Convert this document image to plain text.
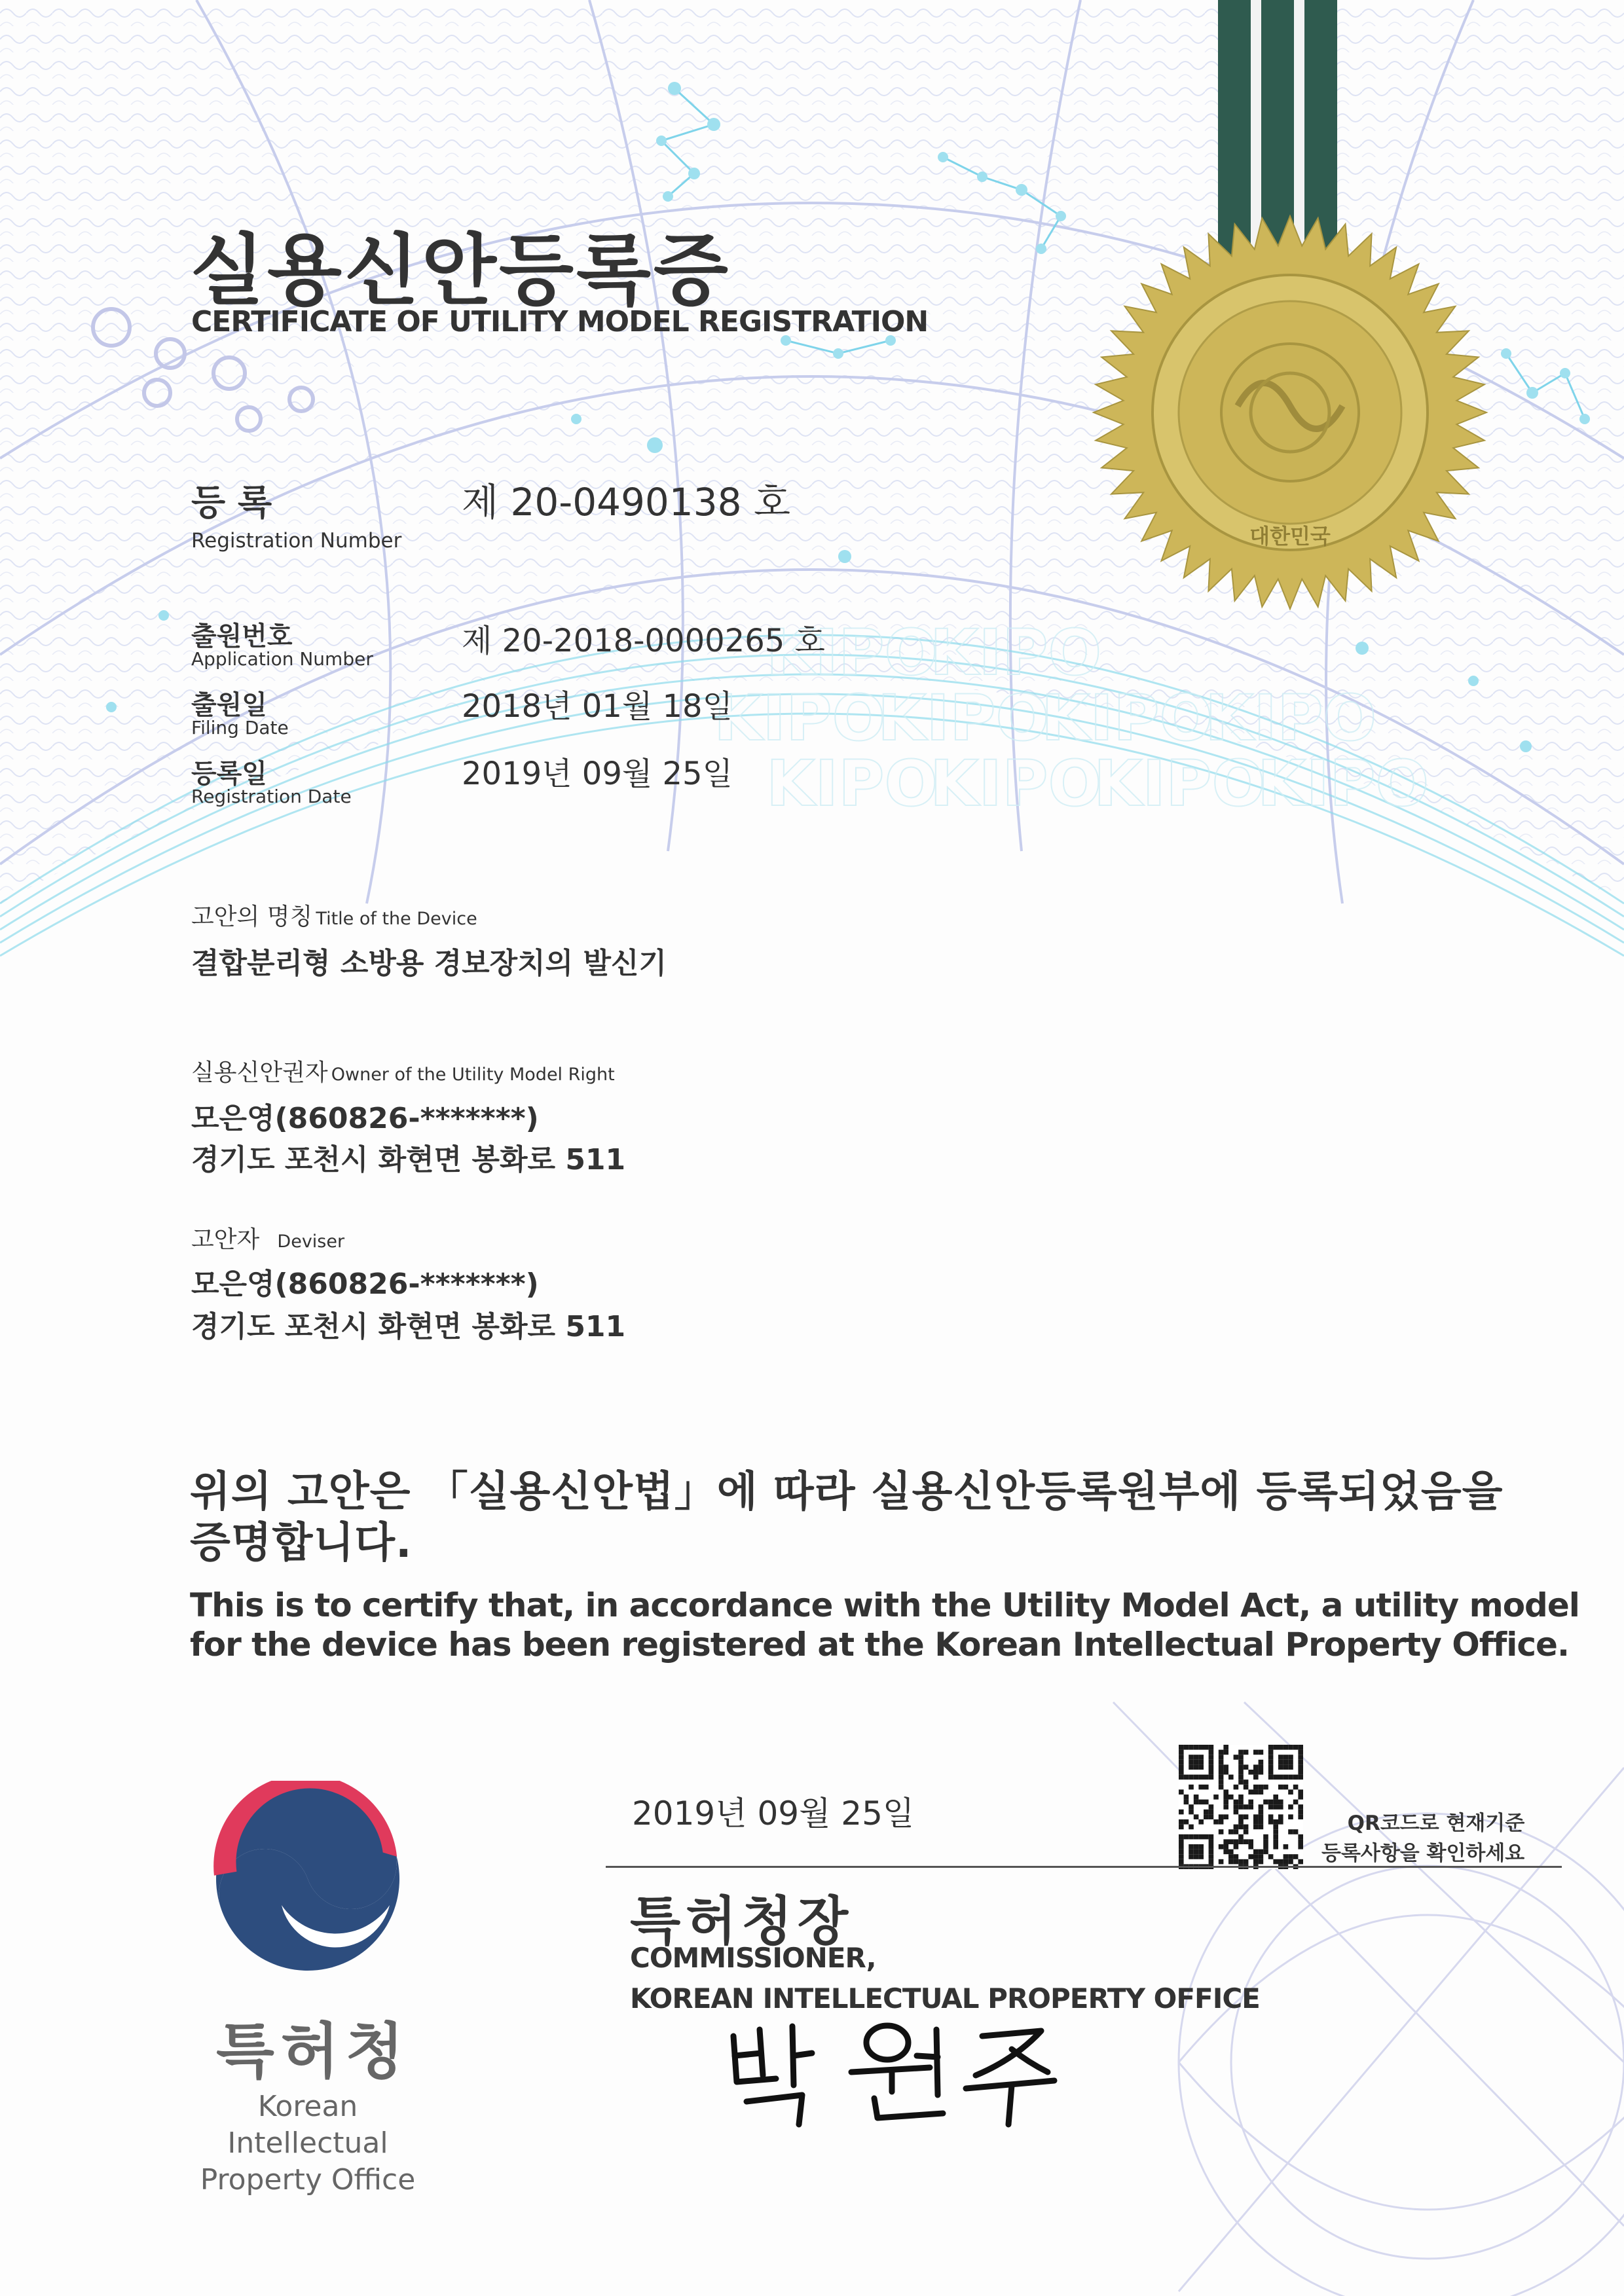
KIPO
KIPO
KIPO
KIPO
KIPO
KIPO
KIPO
KIPO
KIPO
KIPO
대한민국
실용신안등록증
CERTIFICATE OF UTILITY MODEL REGISTRATION
등 록
Registration Number
제 20-0490138 호
출원번호
Application Number	제 20-2018-0000265 호
출원일
Filing Date
2018년 01월 18일
등록일
Registration Date
2019년 09월 25일
고안의 명칭 Title of the Device
결합분리형 소방용 경보장치의 발신기
실용신안권자 Owner of the Utility Model Right
모은영(860826-*******)
경기도 포천시 화현면 봉화로 511
고안자 Deviser
모은영(860826-*******)
경기도 포천시 화현면 봉화로 511
위의 고안은 「실용신안법」에 따라 실용신안등록원부에 등록되었음을
증명합니다.
This is to certify that, in accordance with the Utility Model Act, a utility model
for the device has been registered at the Korean Intellectual Property Office.
QR코드로 현재기준
등록사항을 확인하세요
2019년 09월 25일
특허청장
COMMISSIONER,
KOREAN INTELLECTUAL PROPERTY OFFICE
박 원 주
특허청
Korean Intellectual Property Office
